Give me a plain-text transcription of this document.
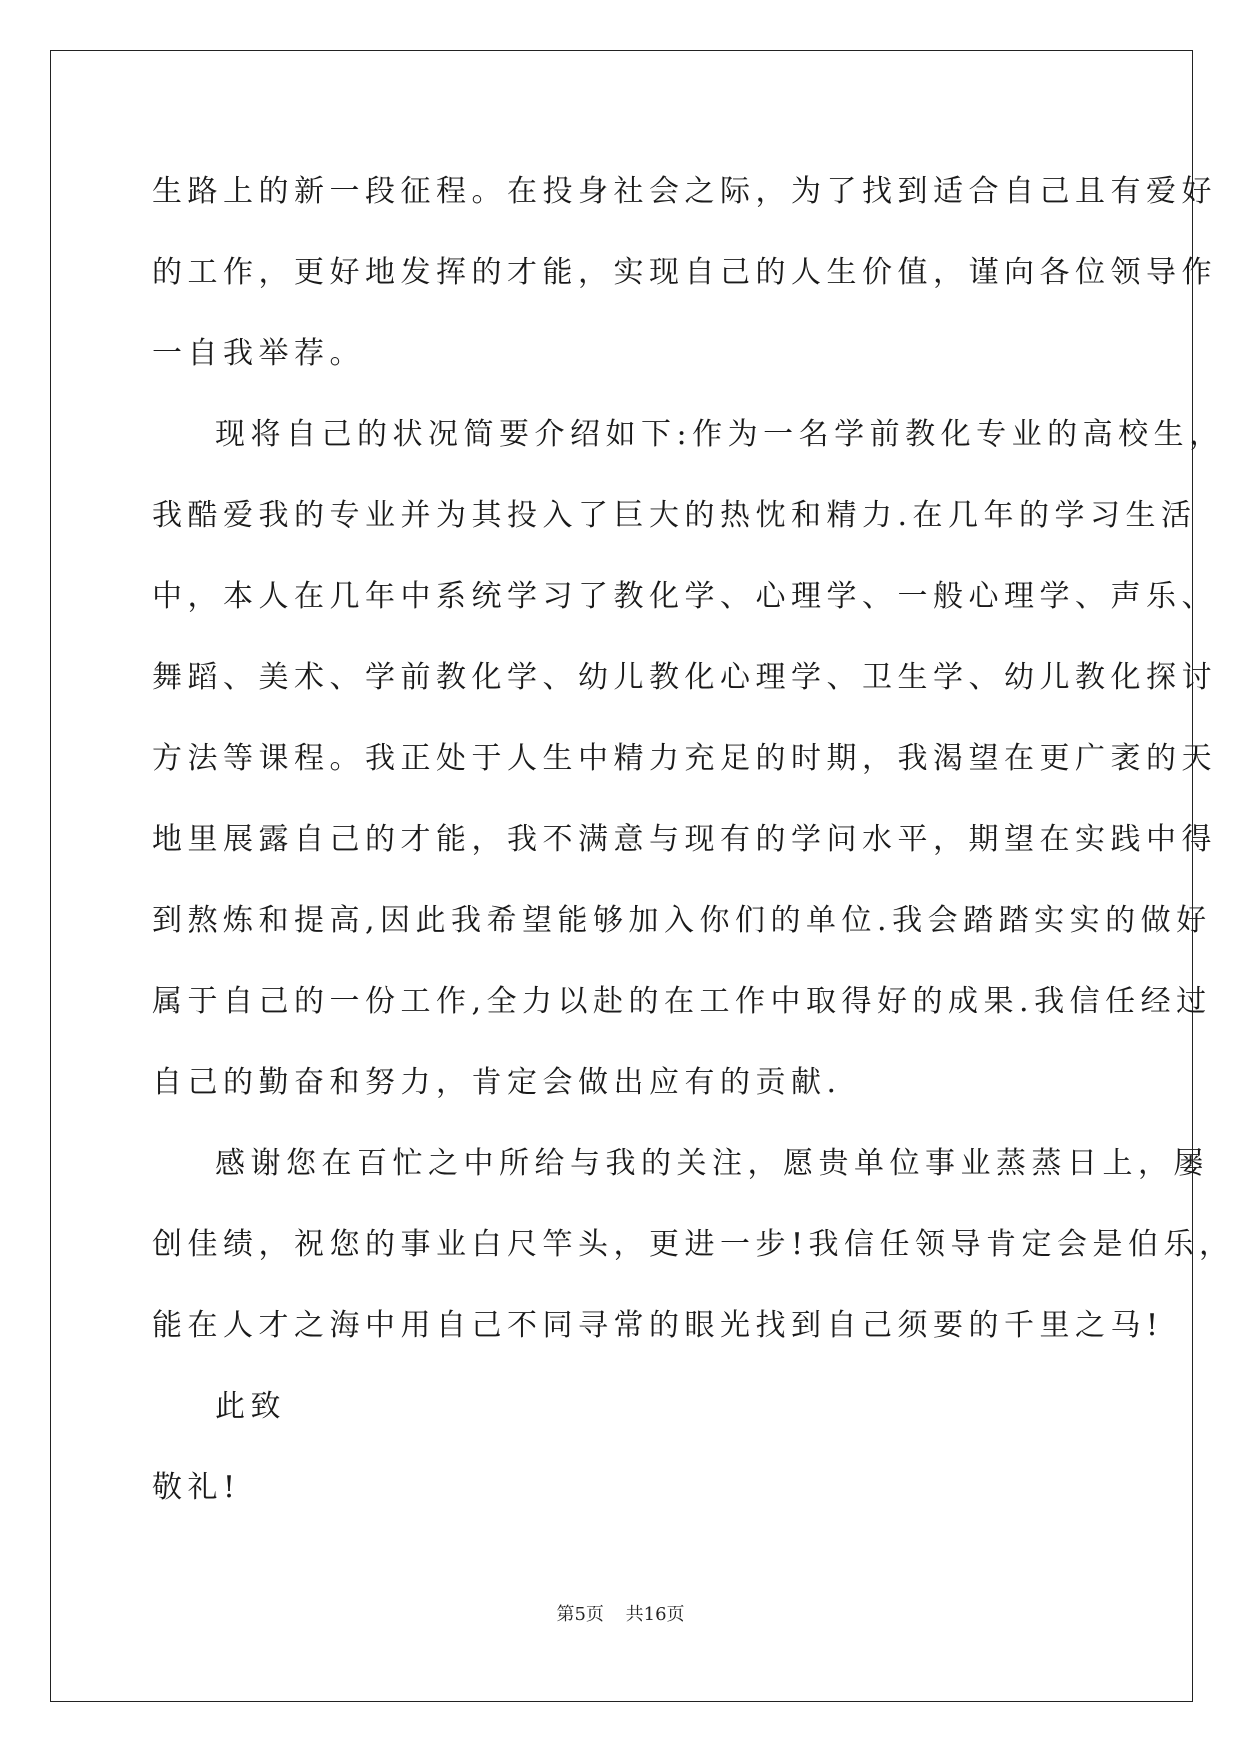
生路上的新一段征程。在投身社会之际，为了找到适合自己且有爱好

的工作，更好地发挥的才能，实现自己的人生价值，谨向各位领导作

一自我举荐。

现将自己的状况简要介绍如下:作为一名学前教化专业的高校生，

我酷爱我的专业并为其投入了巨大的热忱和精力.在几年的学习生活

中，本人在几年中系统学习了教化学、心理学、一般心理学、声乐、

舞蹈、美术、学前教化学、幼儿教化心理学、卫生学、幼儿教化探讨

方法等课程。我正处于人生中精力充足的时期，我渴望在更广袤的天

地里展露自己的才能，我不满意与现有的学问水平，期望在实践中得

到熬炼和提高,因此我希望能够加入你们的单位.我会踏踏实实的做好

属于自己的一份工作,全力以赴的在工作中取得好的成果.我信任经过

自己的勤奋和努力，肯定会做出应有的贡献.

感谢您在百忙之中所给与我的关注，愿贵单位事业蒸蒸日上，屡

创佳绩，祝您的事业白尺竿头，更进一步!我信任领导肯定会是伯乐，

能在人才之海中用自己不同寻常的眼光找到自己须要的千里之马!

此致

敬礼!

第5页 共16页
